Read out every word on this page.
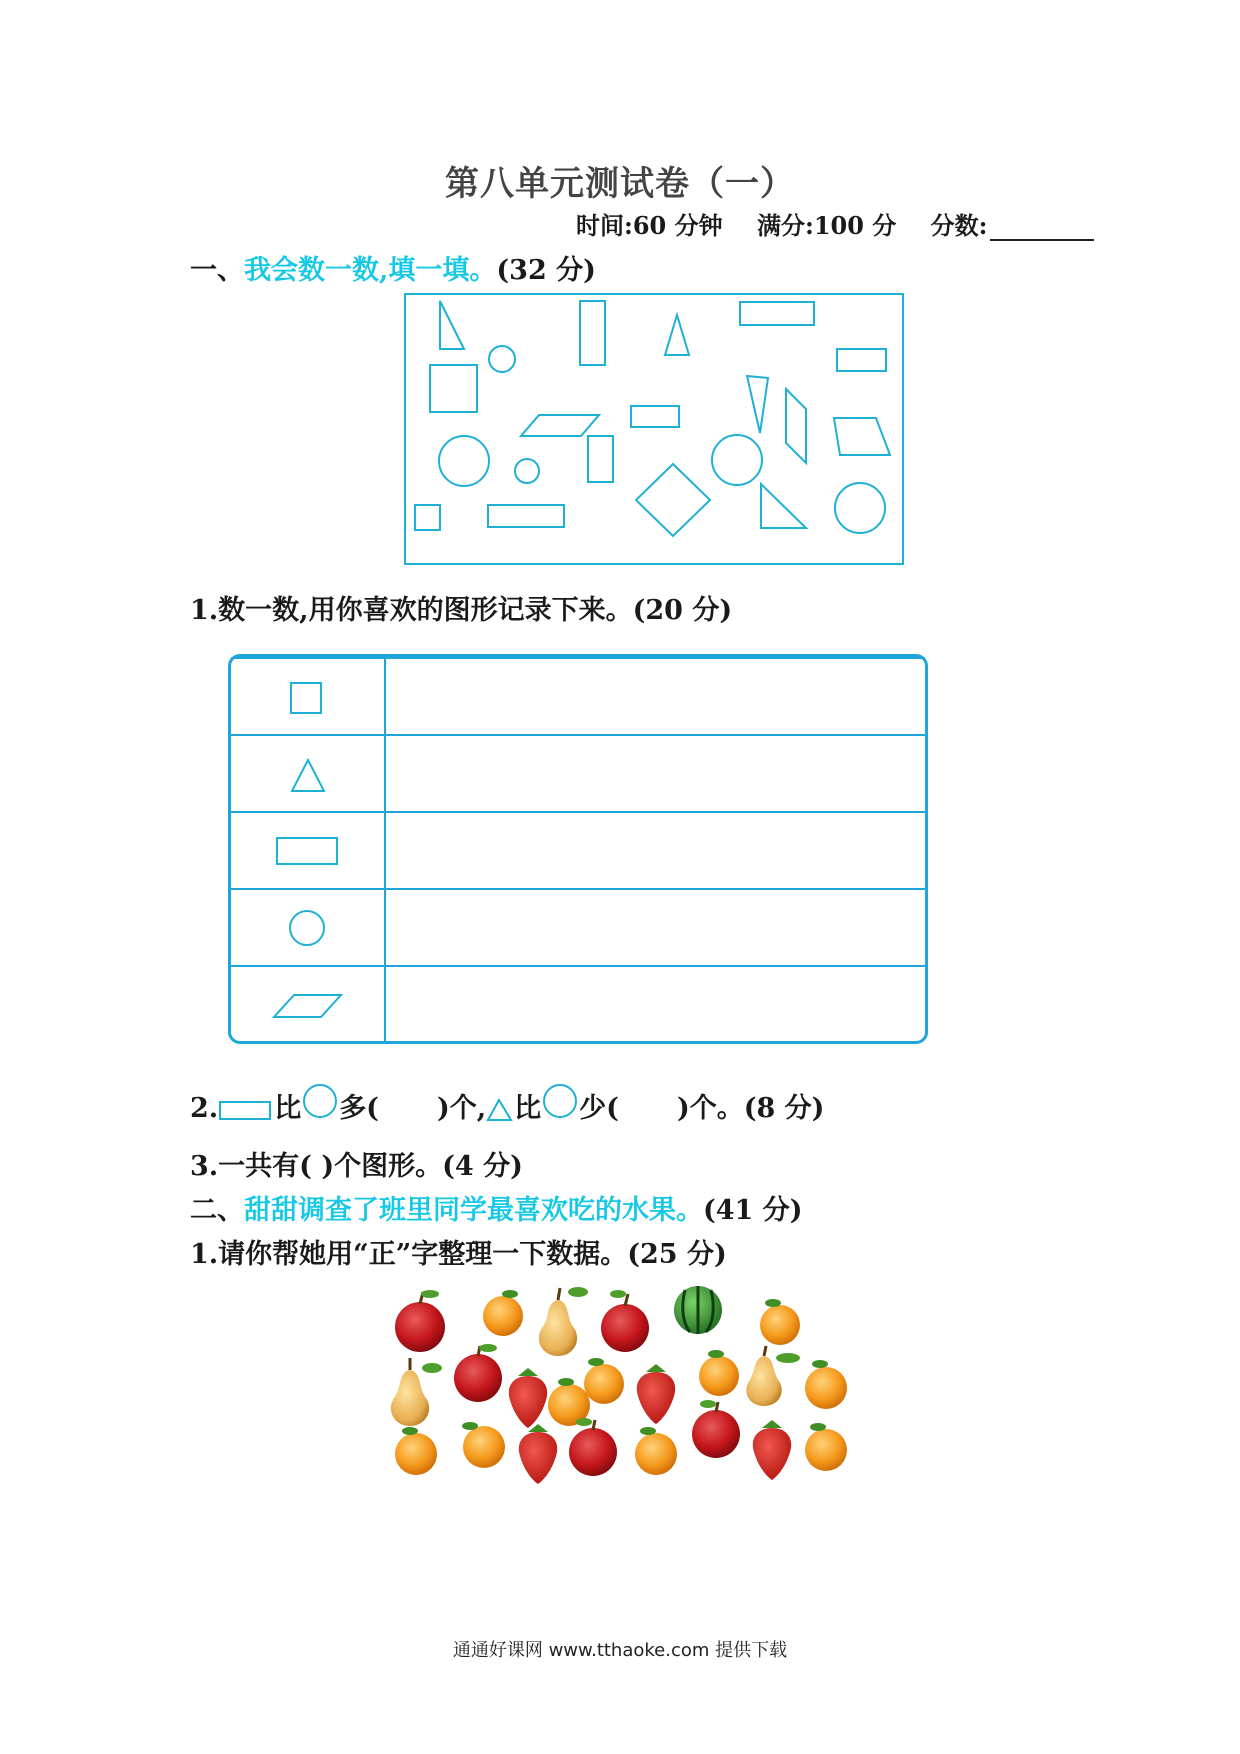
第八单元测试卷（一）
时间:60 分钟 满分:100 分 分数:
一、我会数一数,填一填。(32 分)
1.数一数,用你喜欢的图形记录下来。(20 分)
2. 比 多( )个, 比 少( )个。(8 分)
3.一共有( )个图形。(4 分)
二、甜甜调查了班里同学最喜欢吃的水果。(41 分)
1.请你帮她用“正”字整理一下数据。(25 分)
通通好课网 www.tthaoke.com 提供下载
